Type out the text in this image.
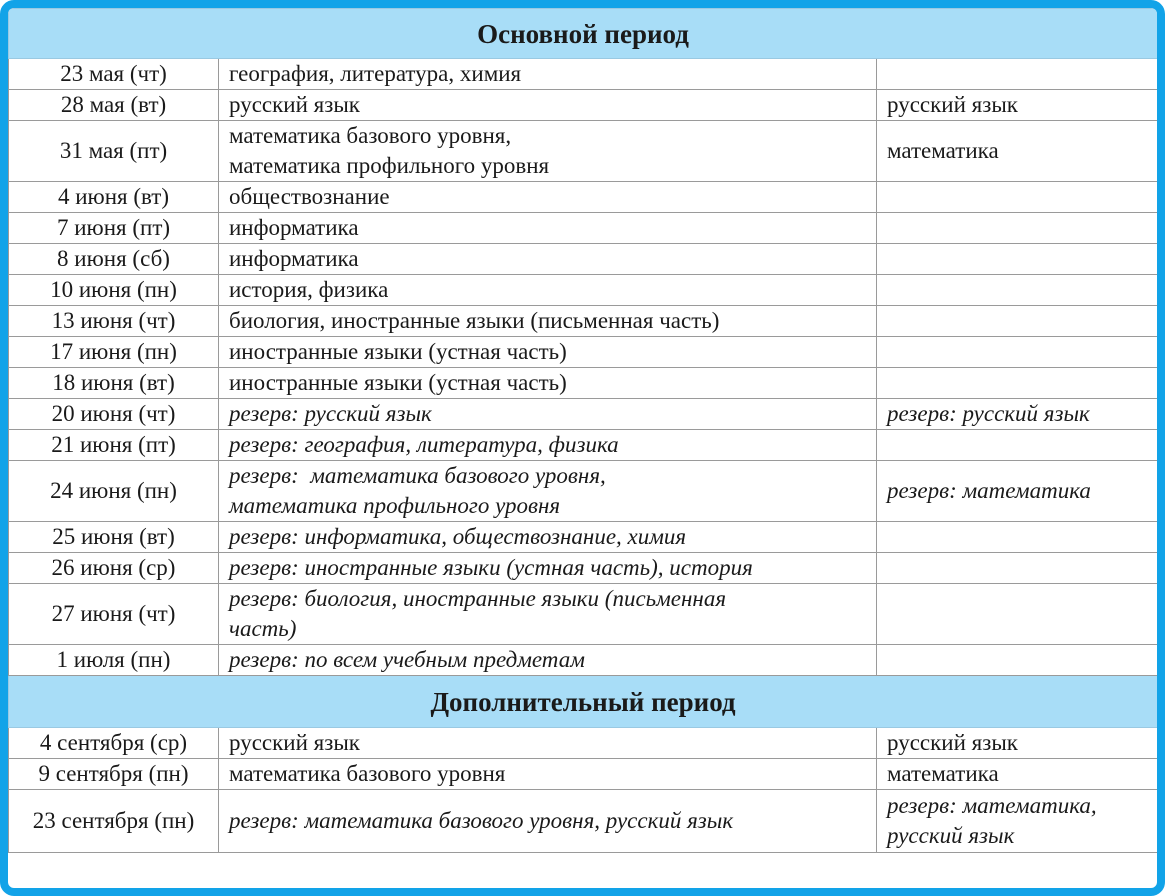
Основной период		
23 мая (чт)	география, литература, химия	
28 мая (вт)	русский язык	русский язык
31 мая (пт)	математика базового уровня,
математика профильного уровня	математика
4 июня (вт)	обществознание	
7 июня (пт)	информатика	
8 июня (сб)	информатика	
10 июня (пн)	история, физика	
13 июня (чт)	биология, иностранные языки (письменная часть)	
17 июня (пн)	иностранные языки (устная часть)	
18 июня (вт)	иностранные языки (устная часть)	
20 июня (чт)	резерв: русский язык	резерв: русский язык
21 июня (пт)	резерв: география, литература, физика	
24 июня (пн)	резерв:  математика базового уровня,
математика профильного уровня	резерв: математика
25 июня (вт)	резерв: информатика, обществознание, химия	
26 июня (ср)	резерв: иностранные языки (устная часть), история	
27 июня (чт)	резерв: биология, иностранные языки (письменная
часть)	

1 июля (пн)	резерв: по всем учебным предметам	
Дополнительный период		
4 сентября (ср)	русский язык	русский язык
9 сентября (пн)	математика базового уровня	математика
23 сентября (пн)	резерв: математика базового уровня, русский язык	резерв: математика,
русский язык
